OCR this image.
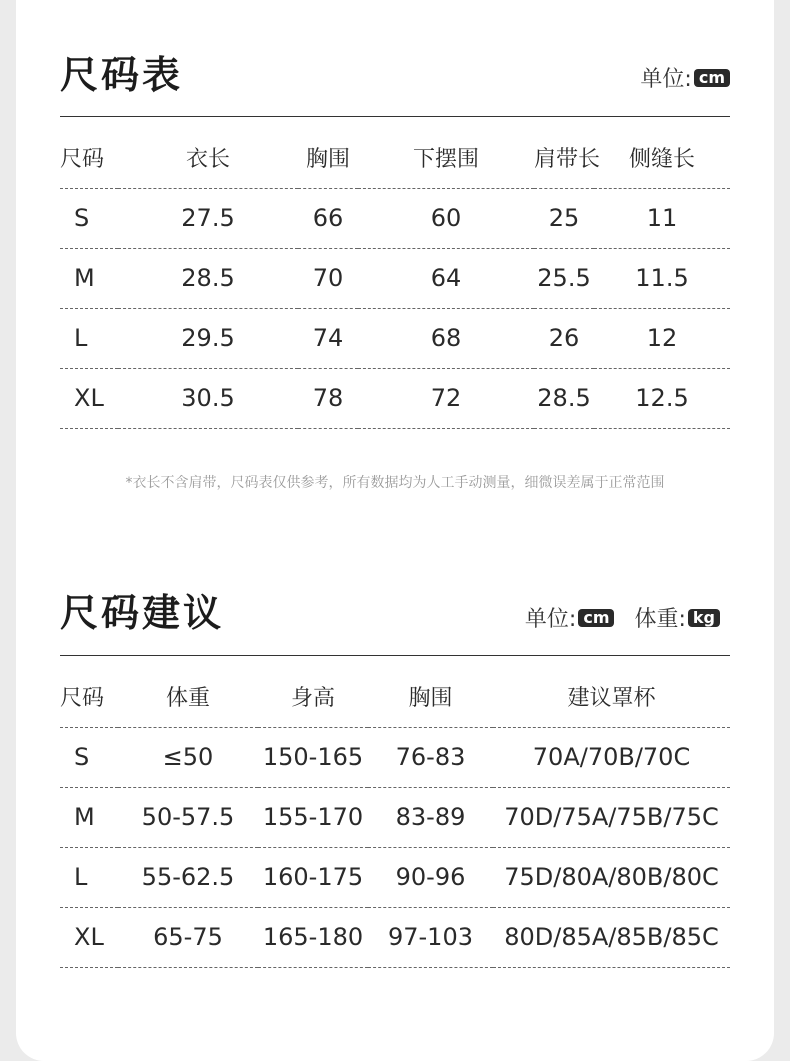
尺码表	单位: cm
尺码	衣长	胸围	下摆围	肩带长	侧缝长
S	27.5	66	60	25	11
M	28.5	70	64	25.5	11.5
L	29.5	74	68	26	12
XL	30.5	78	72	28.5	12.5
*衣长不含肩带，尺码表仅供参考，所有数据均为人工手动测量，细微误差属于正常范围
尺码建议	单位: cm 体重: kg
尺码	体重	身高	胸围	建议罩杯
S	≤50	150-165	76-83	70A/70B/70C
M	50-57.5	155-170	83-89	70D/75A/75B/75C
L	55-62.5	160-175	90-96	75D/80A/80B/80C
XL	65-75	165-180	97-103	80D/85A/85B/85C
